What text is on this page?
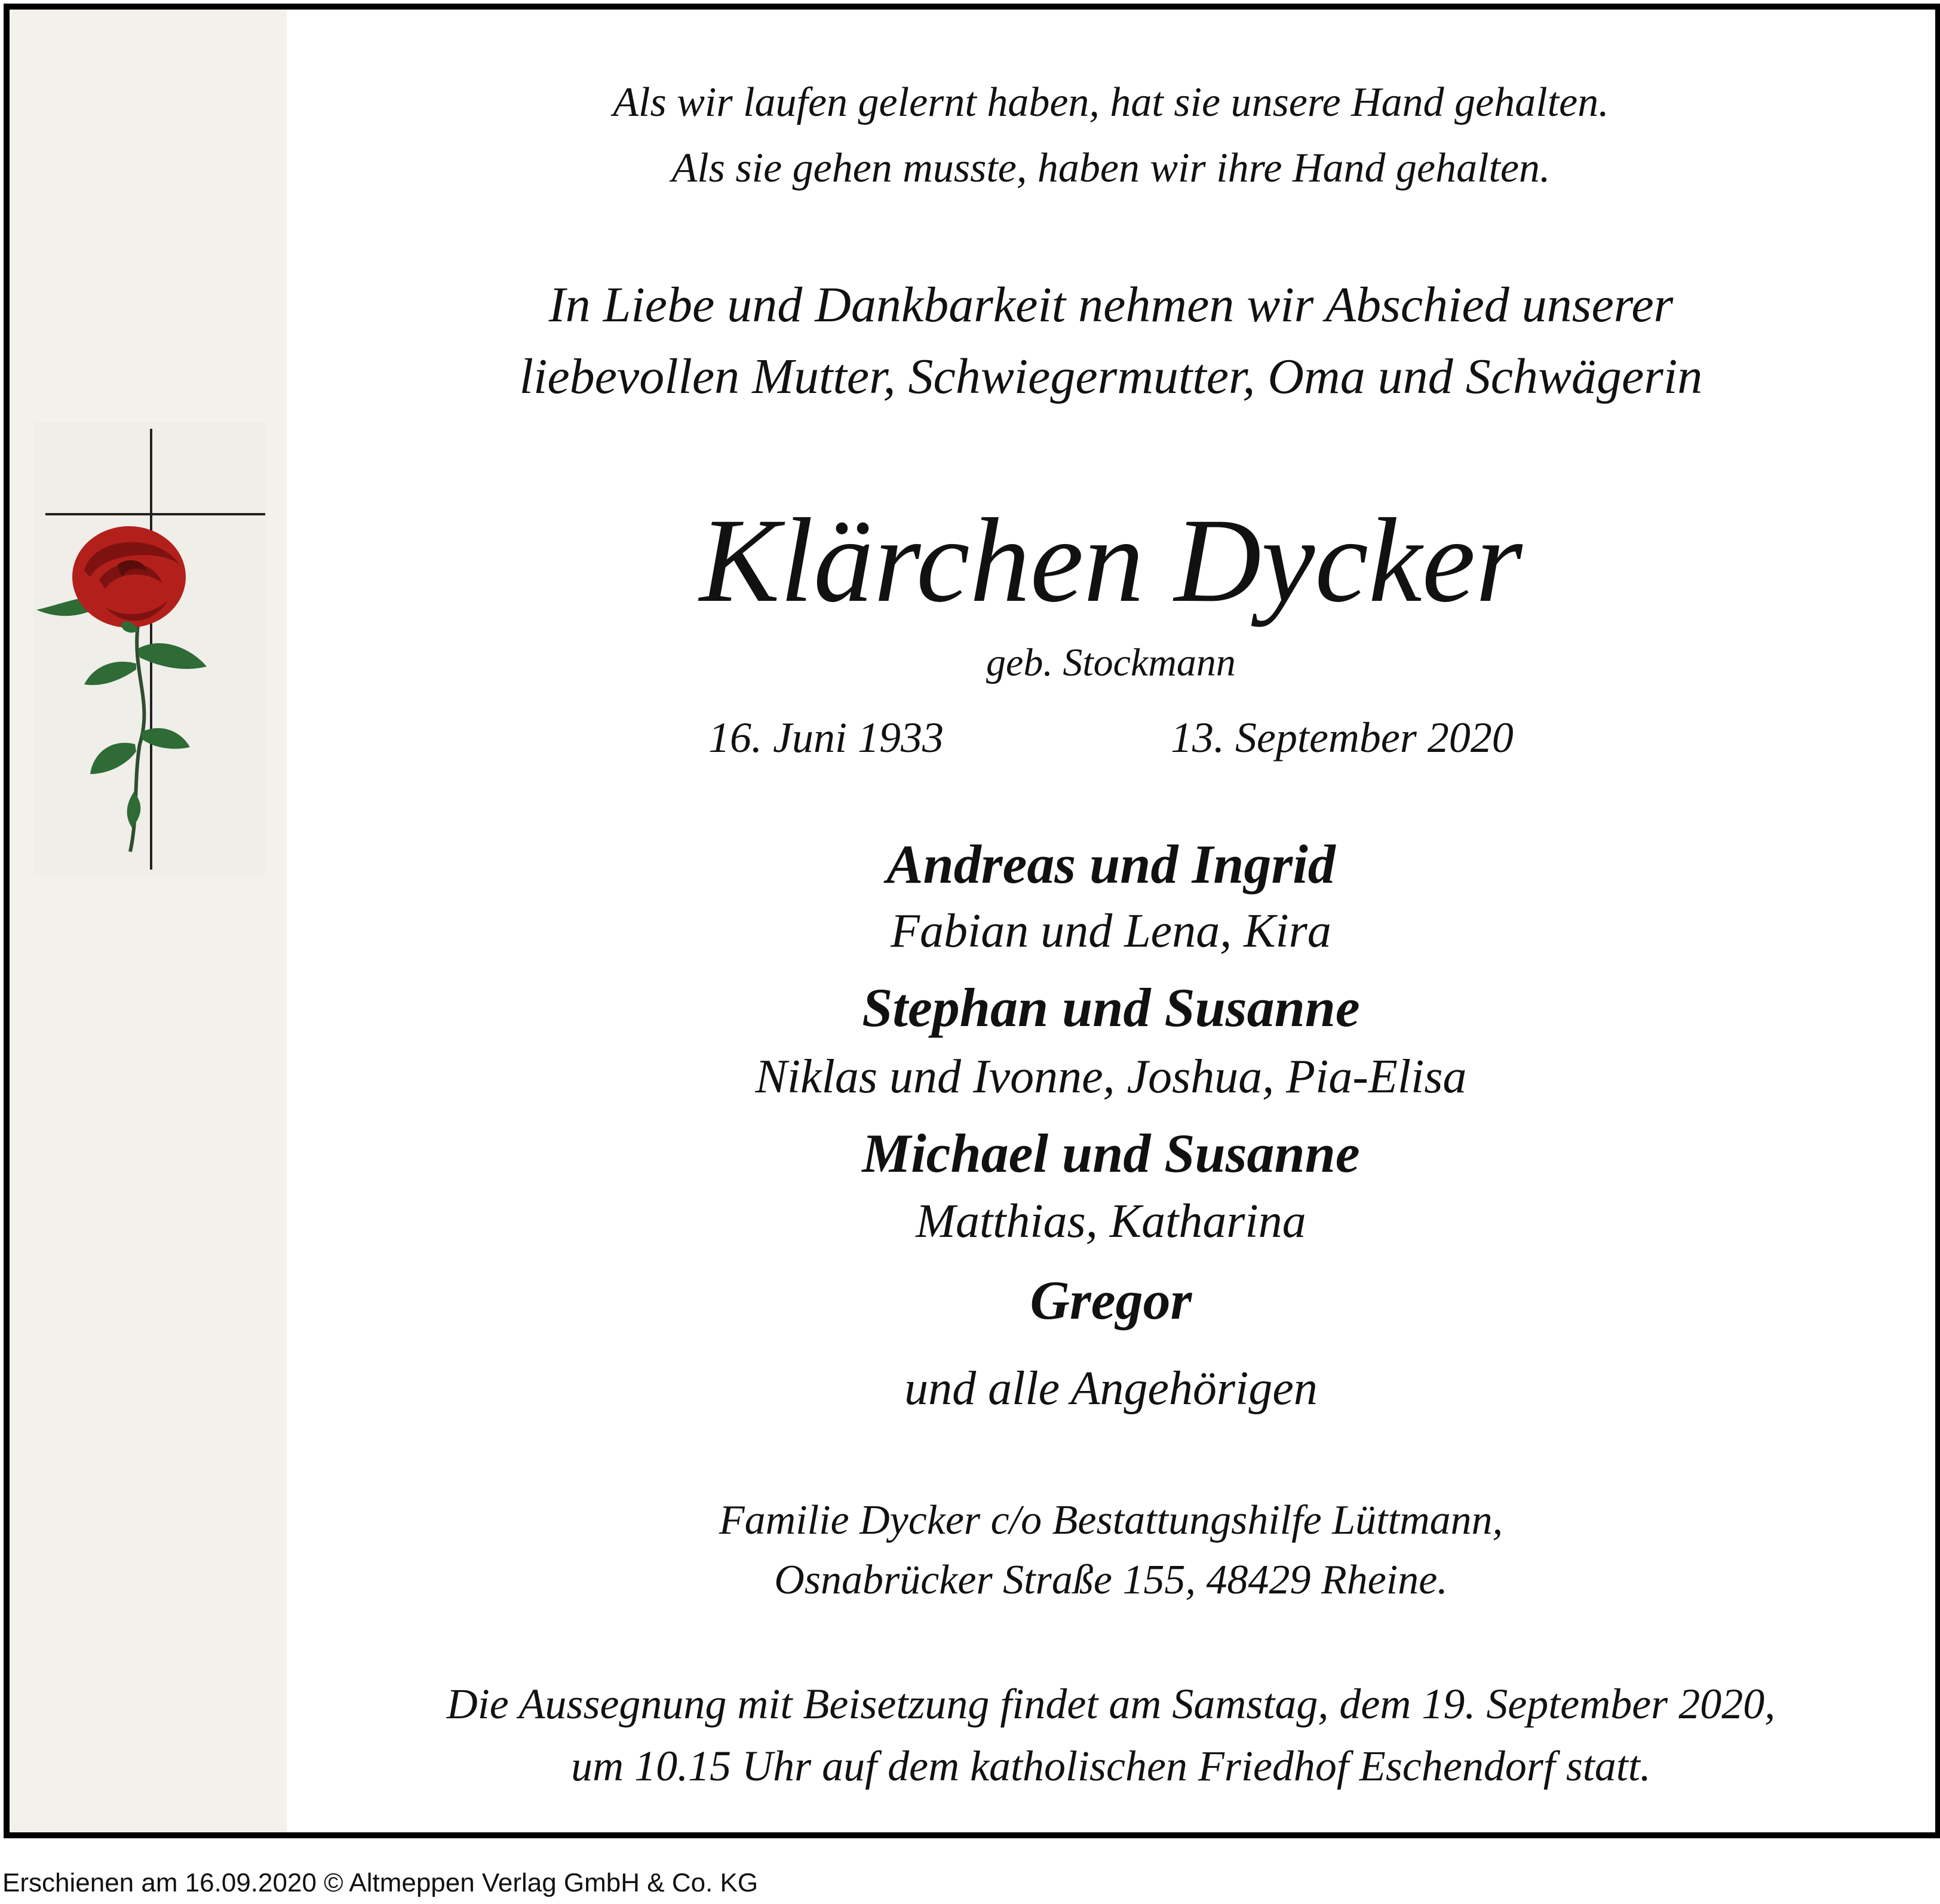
Als wir laufen gelernt haben, hat sie unsere Hand gehalten.
Als sie gehen musste, haben wir ihre Hand gehalten.
In Liebe und Dankbarkeit nehmen wir Abschied unserer
liebevollen Mutter, Schwiegermutter, Oma und Schwägerin
Klärchen Dycker
geb. Stockmann
16. Juni 1933	13. September 2020
Andreas und Ingrid
Fabian und Lena, Kira
Stephan und Susanne
Niklas und Ivonne, Joshua, Pia-Elisa
Michael und Susanne
Matthias, Katharina
Gregor
und alle Angehörigen
Familie Dycker c/o Bestattungshilfe Lüttmann,
Osnabrücker Straße 155, 48429 Rheine.
Die Aussegnung mit Beisetzung findet am Samstag, dem 19. September 2020,
um 10.15 Uhr auf dem katholischen Friedhof Eschendorf statt.
Erschienen am 16.09.2020 © Altmeppen Verlag GmbH & Co. KG
